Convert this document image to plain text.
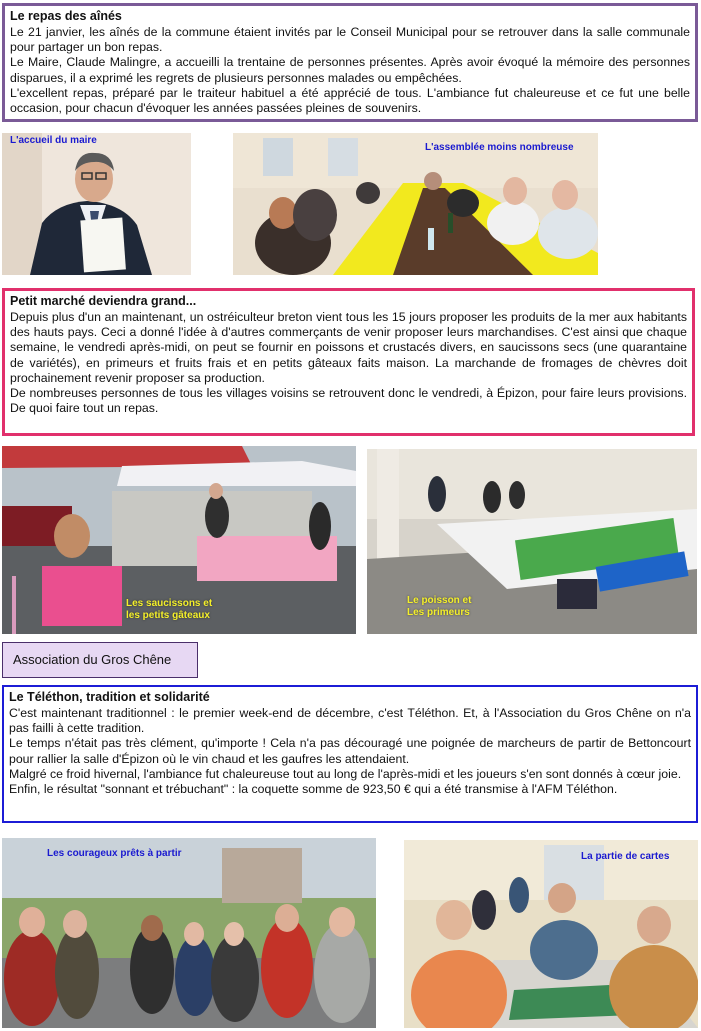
Le repas des aînés

Le 21 janvier, les aînés de la commune étaient invités par le Conseil Municipal pour se retrouver dans la salle communale pour partager un bon repas.

Le Maire, Claude Malingre, a accueilli la trentaine de personnes présentes. Après avoir évoqué la mémoire des personnes disparues, il a exprimé les regrets de plusieurs personnes malades ou empêchées.

L'excellent repas, préparé par le traiteur habituel a été apprécié de tous. L'ambiance fut chaleureuse et ce fut une belle occasion, pour chacun d'évoquer les années passées pleines de souvenirs.

L'accueil du maire
L'assemblée moins nombreuse
Petit marché deviendra grand...

Depuis plus d'un an maintenant, un ostréiculteur breton vient tous les 15 jours proposer les produits de la mer aux habitants des hauts pays. Ceci a donné l'idée à d'autres commerçants de venir proposer leurs marchandises. C'est ainsi que chaque semaine, le vendredi après-midi, on peut se fournir en poissons et crustacés divers, en saucissons secs (une quarantaine de variétés), en primeurs et fruits frais et en petits gâteaux faits maison. La marchande de fromages de chèvres doit prochainement revenir proposer sa production.

De nombreuses personnes de tous les villages voisins se retrouvent donc le vendredi, à Épizon, pour faire leurs provisions. De quoi faire tout un repas.

Les saucissons et
les petits gâteaux
Le poisson et
Les primeurs
Association du Gros Chêne
Le Téléthon, tradition et solidarité

C'est maintenant traditionnel : le premier week-end de décembre, c'est Téléthon. Et, à l'Association du Gros Chêne on n'a pas failli à cette tradition.

Le temps n'était pas très clément, qu'importe ! Cela n'a pas découragé une poignée de marcheurs de partir de Bettoncourt pour rallier la salle d'Épizon où le vin chaud et les gaufres les attendaient.

Malgré ce froid hivernal, l'ambiance fut chaleureuse tout au long de l'après-midi et les joueurs s'en sont donnés à cœur joie.

Enfin, le résultat "sonnant et trébuchant" : la coquette somme de 923,50 € qui a été transmise à l'AFM Téléthon.

Les courageux prêts à partir	La partie de cartes
